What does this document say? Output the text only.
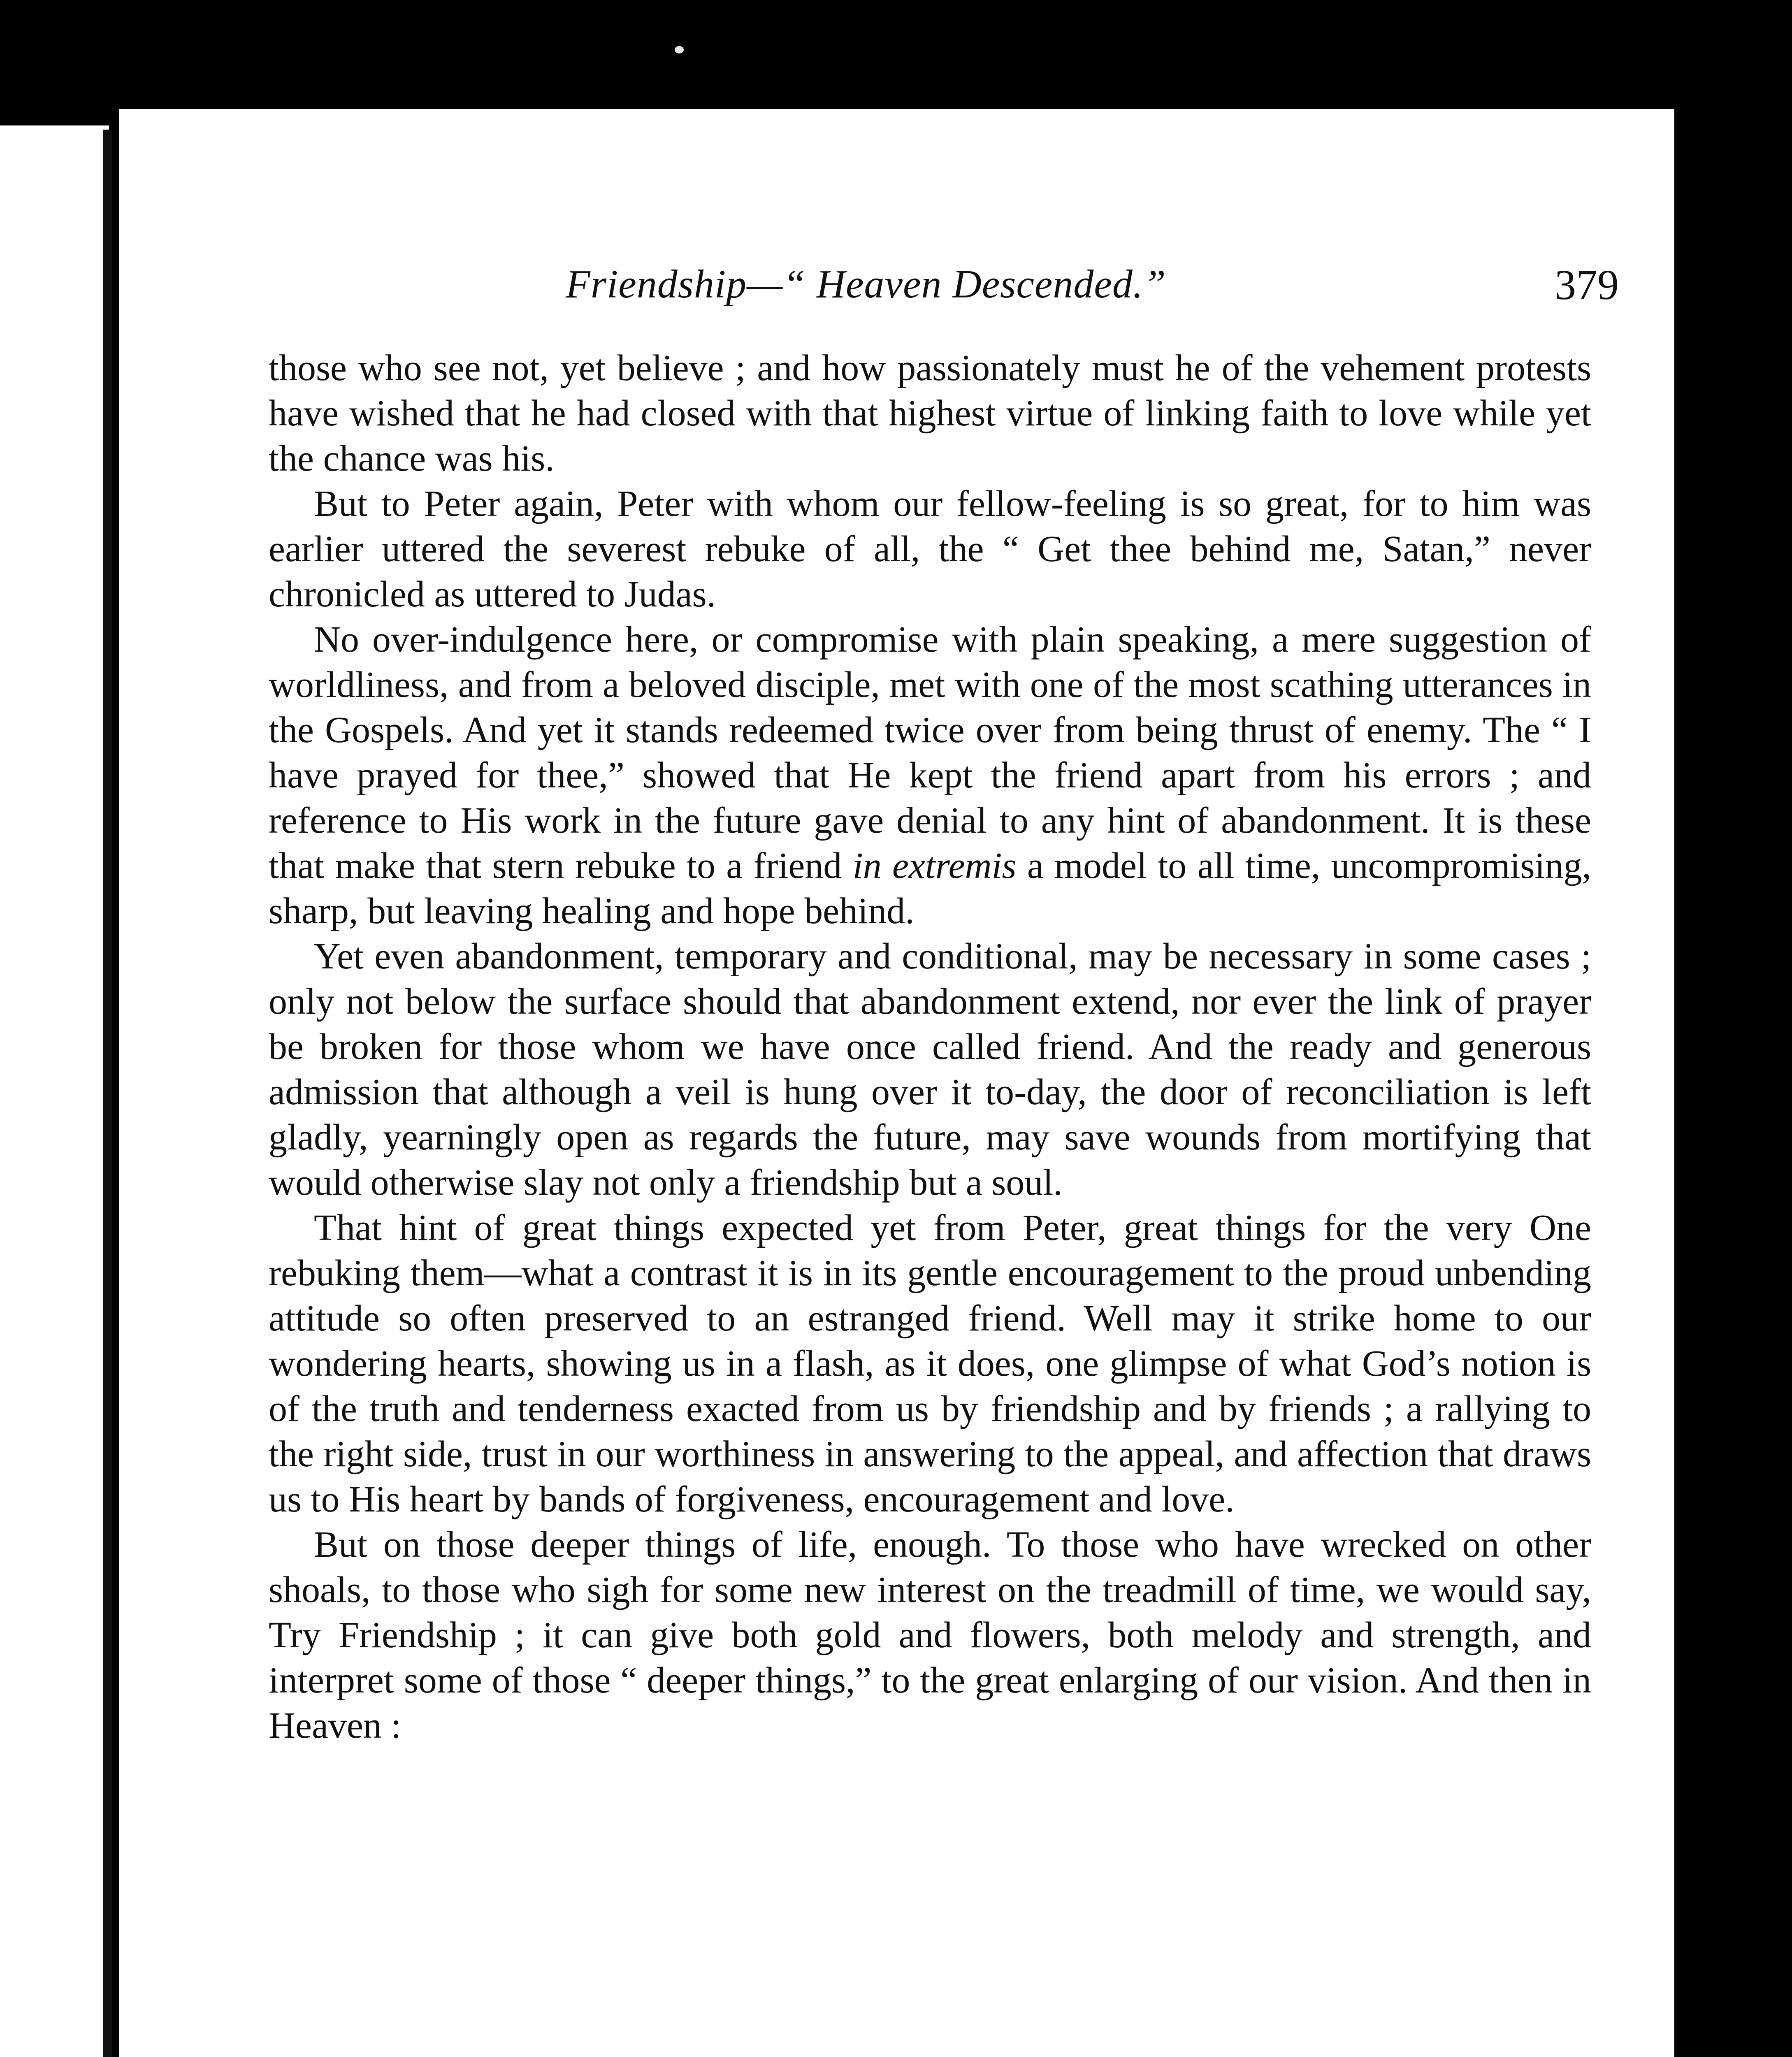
Friendship—“ Heaven Descended.”	379

those who see not, yet believe ; and how passionately must he of the vehement protests have wished that he had closed with that highest virtue of linking faith to love while yet the chance was his.

But to Peter again, Peter with whom our fellow-feeling is so great, for to him was earlier uttered the severest rebuke of all, the “ Get thee behind me, Satan,” never chronicled as uttered to Judas.

No over-indulgence here, or compromise with plain speaking, a mere suggestion of worldliness, and from a beloved disciple, met with one of the most scathing utterances in the Gospels. And yet it stands redeemed twice over from being thrust of enemy. The “ I have prayed for thee,” showed that He kept the friend apart from his errors ; and reference to His work in the future gave denial to any hint of abandonment. It is these that make that stern rebuke to a friend in extremis a model to all time, uncompromising, sharp, but leaving healing and hope behind.

Yet even abandonment, temporary and conditional, may be necessary in some cases ; only not below the surface should that abandonment extend, nor ever the link of prayer be broken for those whom we have once called friend. And the ready and generous admission that although a veil is hung over it to-day, the door of reconciliation is left gladly, yearningly open as regards the future, may save wounds from mortifying that would otherwise slay not only a friendship but a soul.

That hint of great things expected yet from Peter, great things for the very One rebuking them—what a contrast it is in its gentle encouragement to the proud unbending attitude so often preserved to an estranged friend. Well may it strike home to our wondering hearts, showing us in a flash, as it does, one glimpse of what God’s notion is of the truth and tenderness exacted from us by friendship and by friends ; a rallying to the right side, trust in our worthiness in answering to the appeal, and affection that draws us to His heart by bands of forgiveness, encouragement and love.

But on those deeper things of life, enough. To those who have wrecked on other shoals, to those who sigh for some new interest on the treadmill of time, we would say, Try Friendship ; it can give both gold and flowers, both melody and strength, and interpret some of those “ deeper things,” to the great enlarging of our vision. And then in Heaven :
